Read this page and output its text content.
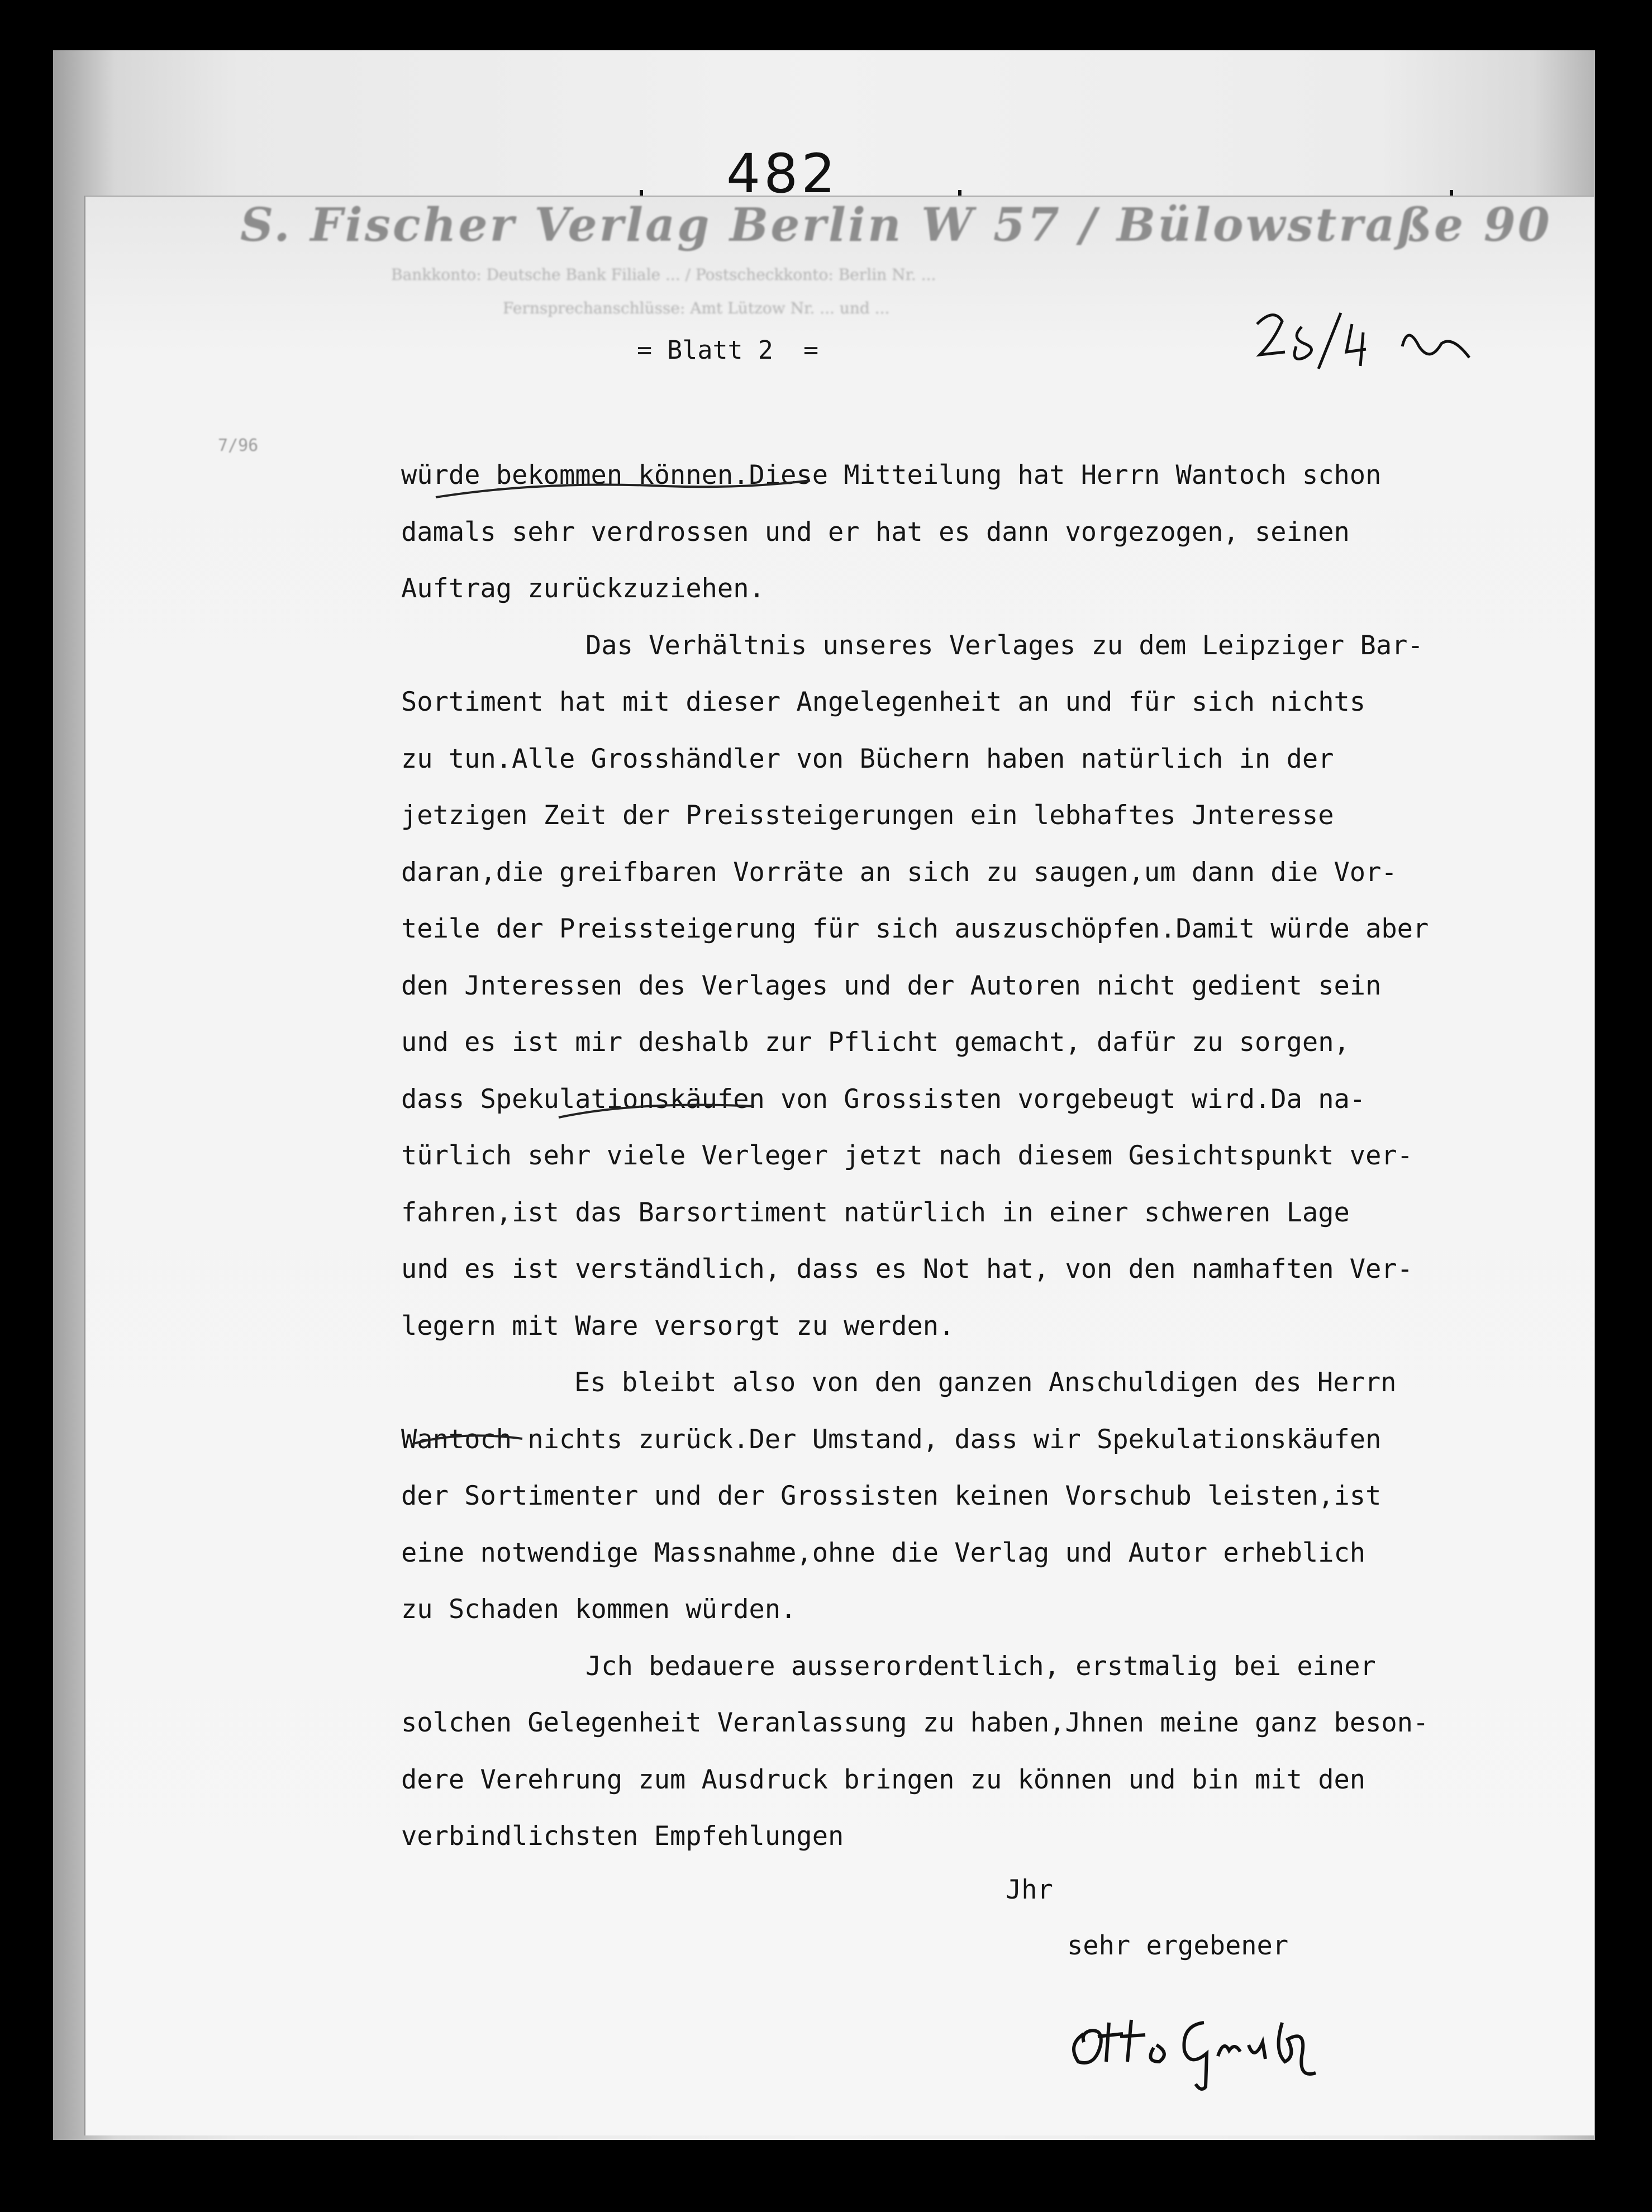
482
S. Fischer Verlag Berlin W 57 / Bülowstraße 90
Bankkonto: Deutsche Bank Filiale ... / Postscheckkonto: Berlin Nr. ...
Fernsprechanschlüsse: Amt Lützow Nr. ... und ...
= Blatt 2  =
würde bekommen können.Diese Mitteilung hat Herrn Wantoch schon
damals sehr verdrossen und er hat es dann vorgezogen, seinen
Auftrag zurückzuziehen.
Das Verhältnis unseres Verlages zu dem Leipziger Bar-
Sortiment hat mit dieser Angelegenheit an und für sich nichts
zu tun.Alle Grosshändler von Büchern haben natürlich in der
jetzigen Zeit der Preissteigerungen ein lebhaftes Jnteresse
daran,die greifbaren Vorräte an sich zu saugen,um dann die Vor-
teile der Preissteigerung für sich auszuschöpfen.Damit würde aber
den Jnteressen des Verlages und der Autoren nicht gedient sein
und es ist mir deshalb zur Pflicht gemacht, dafür zu sorgen,
dass Spekulationskäufen von Grossisten vorgebeugt wird.Da na-
türlich sehr viele Verleger jetzt nach diesem Gesichtspunkt ver-
fahren,ist das Barsortiment natürlich in einer schweren Lage
und es ist verständlich, dass es Not hat, von den namhaften Ver-
legern mit Ware versorgt zu werden.
Es bleibt also von den ganzen Anschuldigen des Herrn
Wantoch nichts zurück.Der Umstand, dass wir Spekulationskäufen
der Sortimenter und der Grossisten keinen Vorschub leisten,ist
eine notwendige Massnahme,ohne die Verlag und Autor erheblich
zu Schaden kommen würden.
Jch bedauere ausserordentlich, erstmalig bei einer
solchen Gelegenheit Veranlassung zu haben,Jhnen meine ganz beson-
dere Verehrung zum Ausdruck bringen zu können und bin mit den
verbindlichsten Empfehlungen
Jhr
sehr ergebener
7/96
